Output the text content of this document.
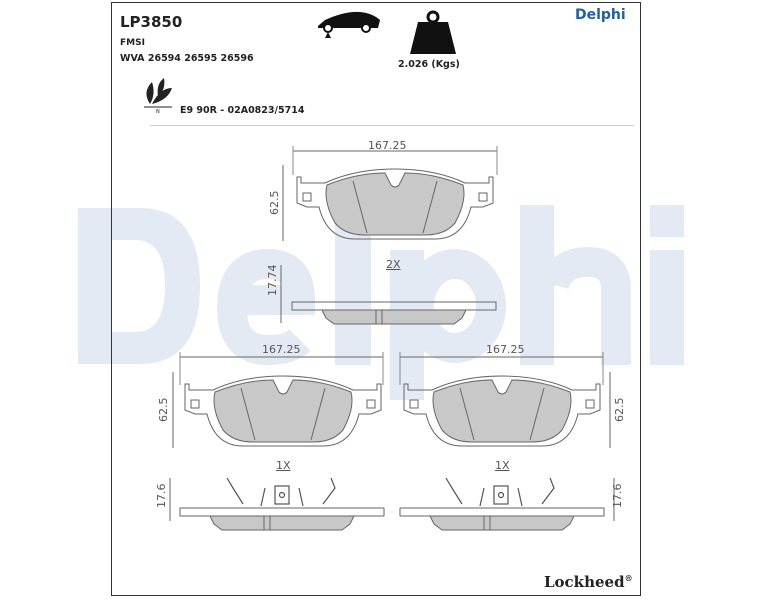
LP3850
FMSI
WVA 26594 26595 26596
E9 90R - 02A0823/5714
2.026 (Kgs)
Delphi
N
167.25
62.5
2X
17.74
167.25
62.5
1X
17.6
167.25
62.5
1X
17.6
Lockheed®
